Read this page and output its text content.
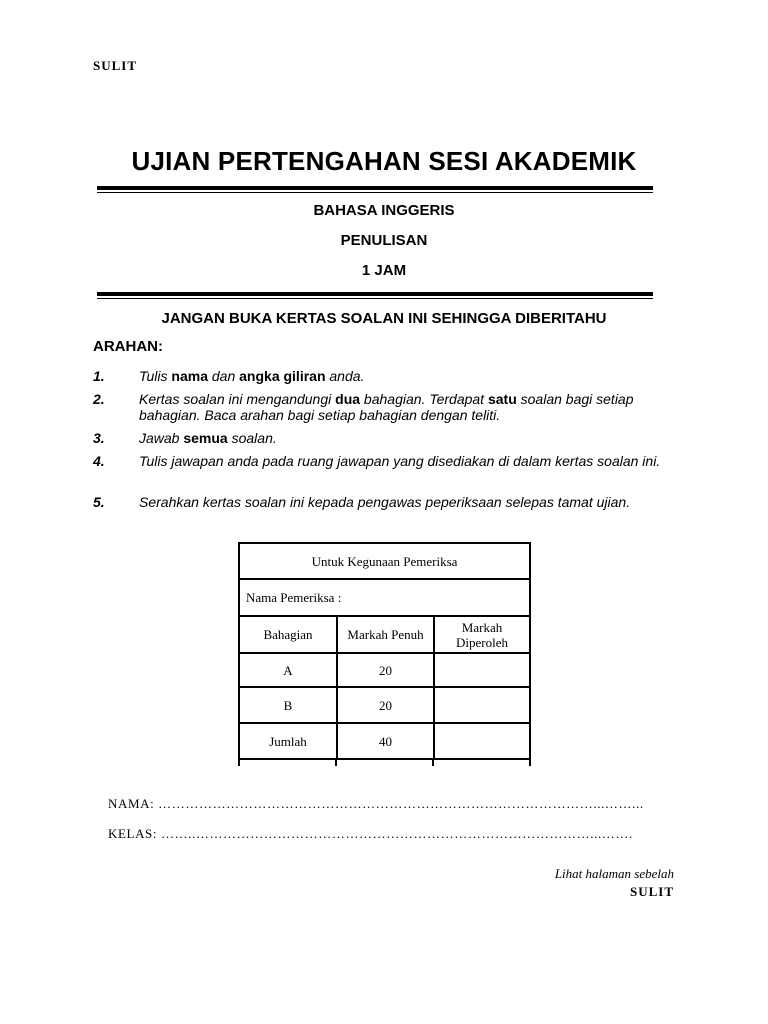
SULIT
UJIAN PERTENGAHAN SESI AKADEMIK
BAHASA INGGERIS
PENULISAN
1 JAM
JANGAN BUKA KERTAS SOALAN INI SEHINGGA DIBERITAHU
ARAHAN:
1. Tulis nama dan angka giliran anda.
2. Kertas soalan ini mengandungi dua bahagian. Terdapat satu soalan bagi setiap bahagian. Baca arahan bagi setiap bahagian dengan teliti.
3. Jawab semua soalan.
4. Tulis jawapan anda pada ruang jawapan yang disediakan di dalam kertas soalan ini.
5. Serahkan kertas soalan ini kepada pengawas peperiksaan selepas tamat ujian.
Untuk Kegunaan Pemeriksa		
Nama Pemeriksa :		
Bahagian	Markah Penuh	Markah Diperoleh
A	20	
B	20	
Jumlah	40	
NAMA: ……………………………………………………………………………………...……...
KELAS: ……..……………………………………………………………………………...…….
Lihat halaman sebelah
SULIT
